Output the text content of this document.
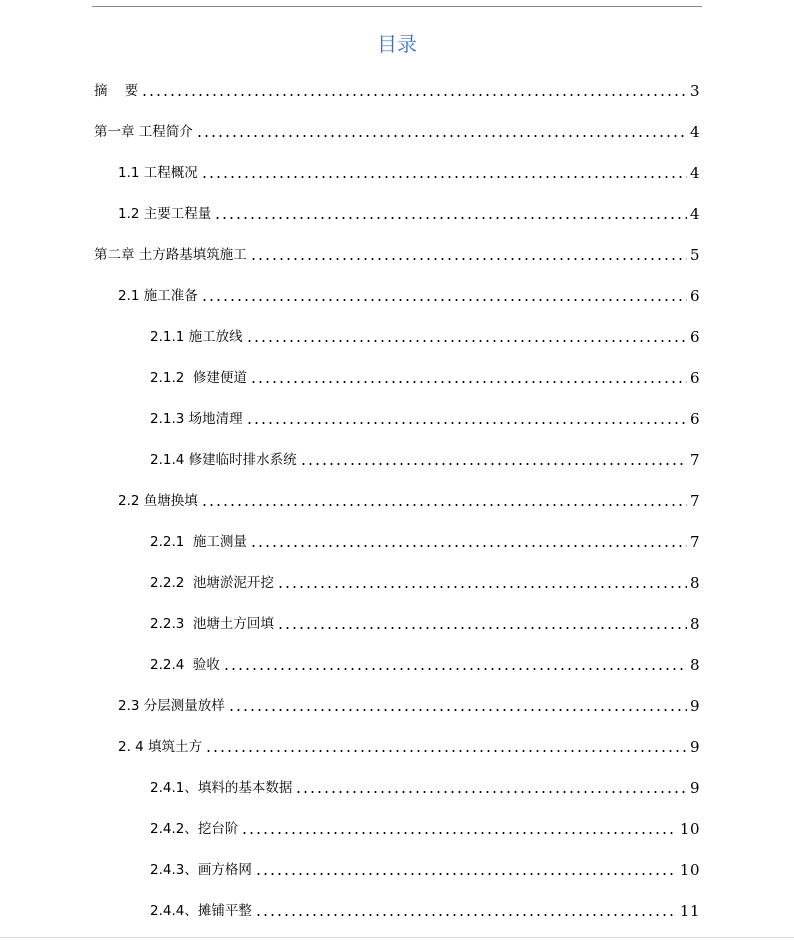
目录
摘    要	3
第一章 工程简介	4
1.1 工程概况	4
1.2 主要工程量	4
第二章 土方路基填筑施工	5
2.1 施工准备	6
2.1.1 施工放线	6
2.1.2  修建便道	6
2.1.3 场地清理	6
2.1.4 修建临时排水系统	7
2.2 鱼塘换填	7
2.2.1  施工测量	7
2.2.2  池塘淤泥开挖	8
2.2.3  池塘土方回填	8
2.2.4  验收	8
2.3 分层测量放样	9
2. 4 填筑土方	9
2.4.1、填料的基本数据	9
2.4.2、挖台阶	10
2.4.3、画方格网	10
2.4.4、摊铺平整	11
